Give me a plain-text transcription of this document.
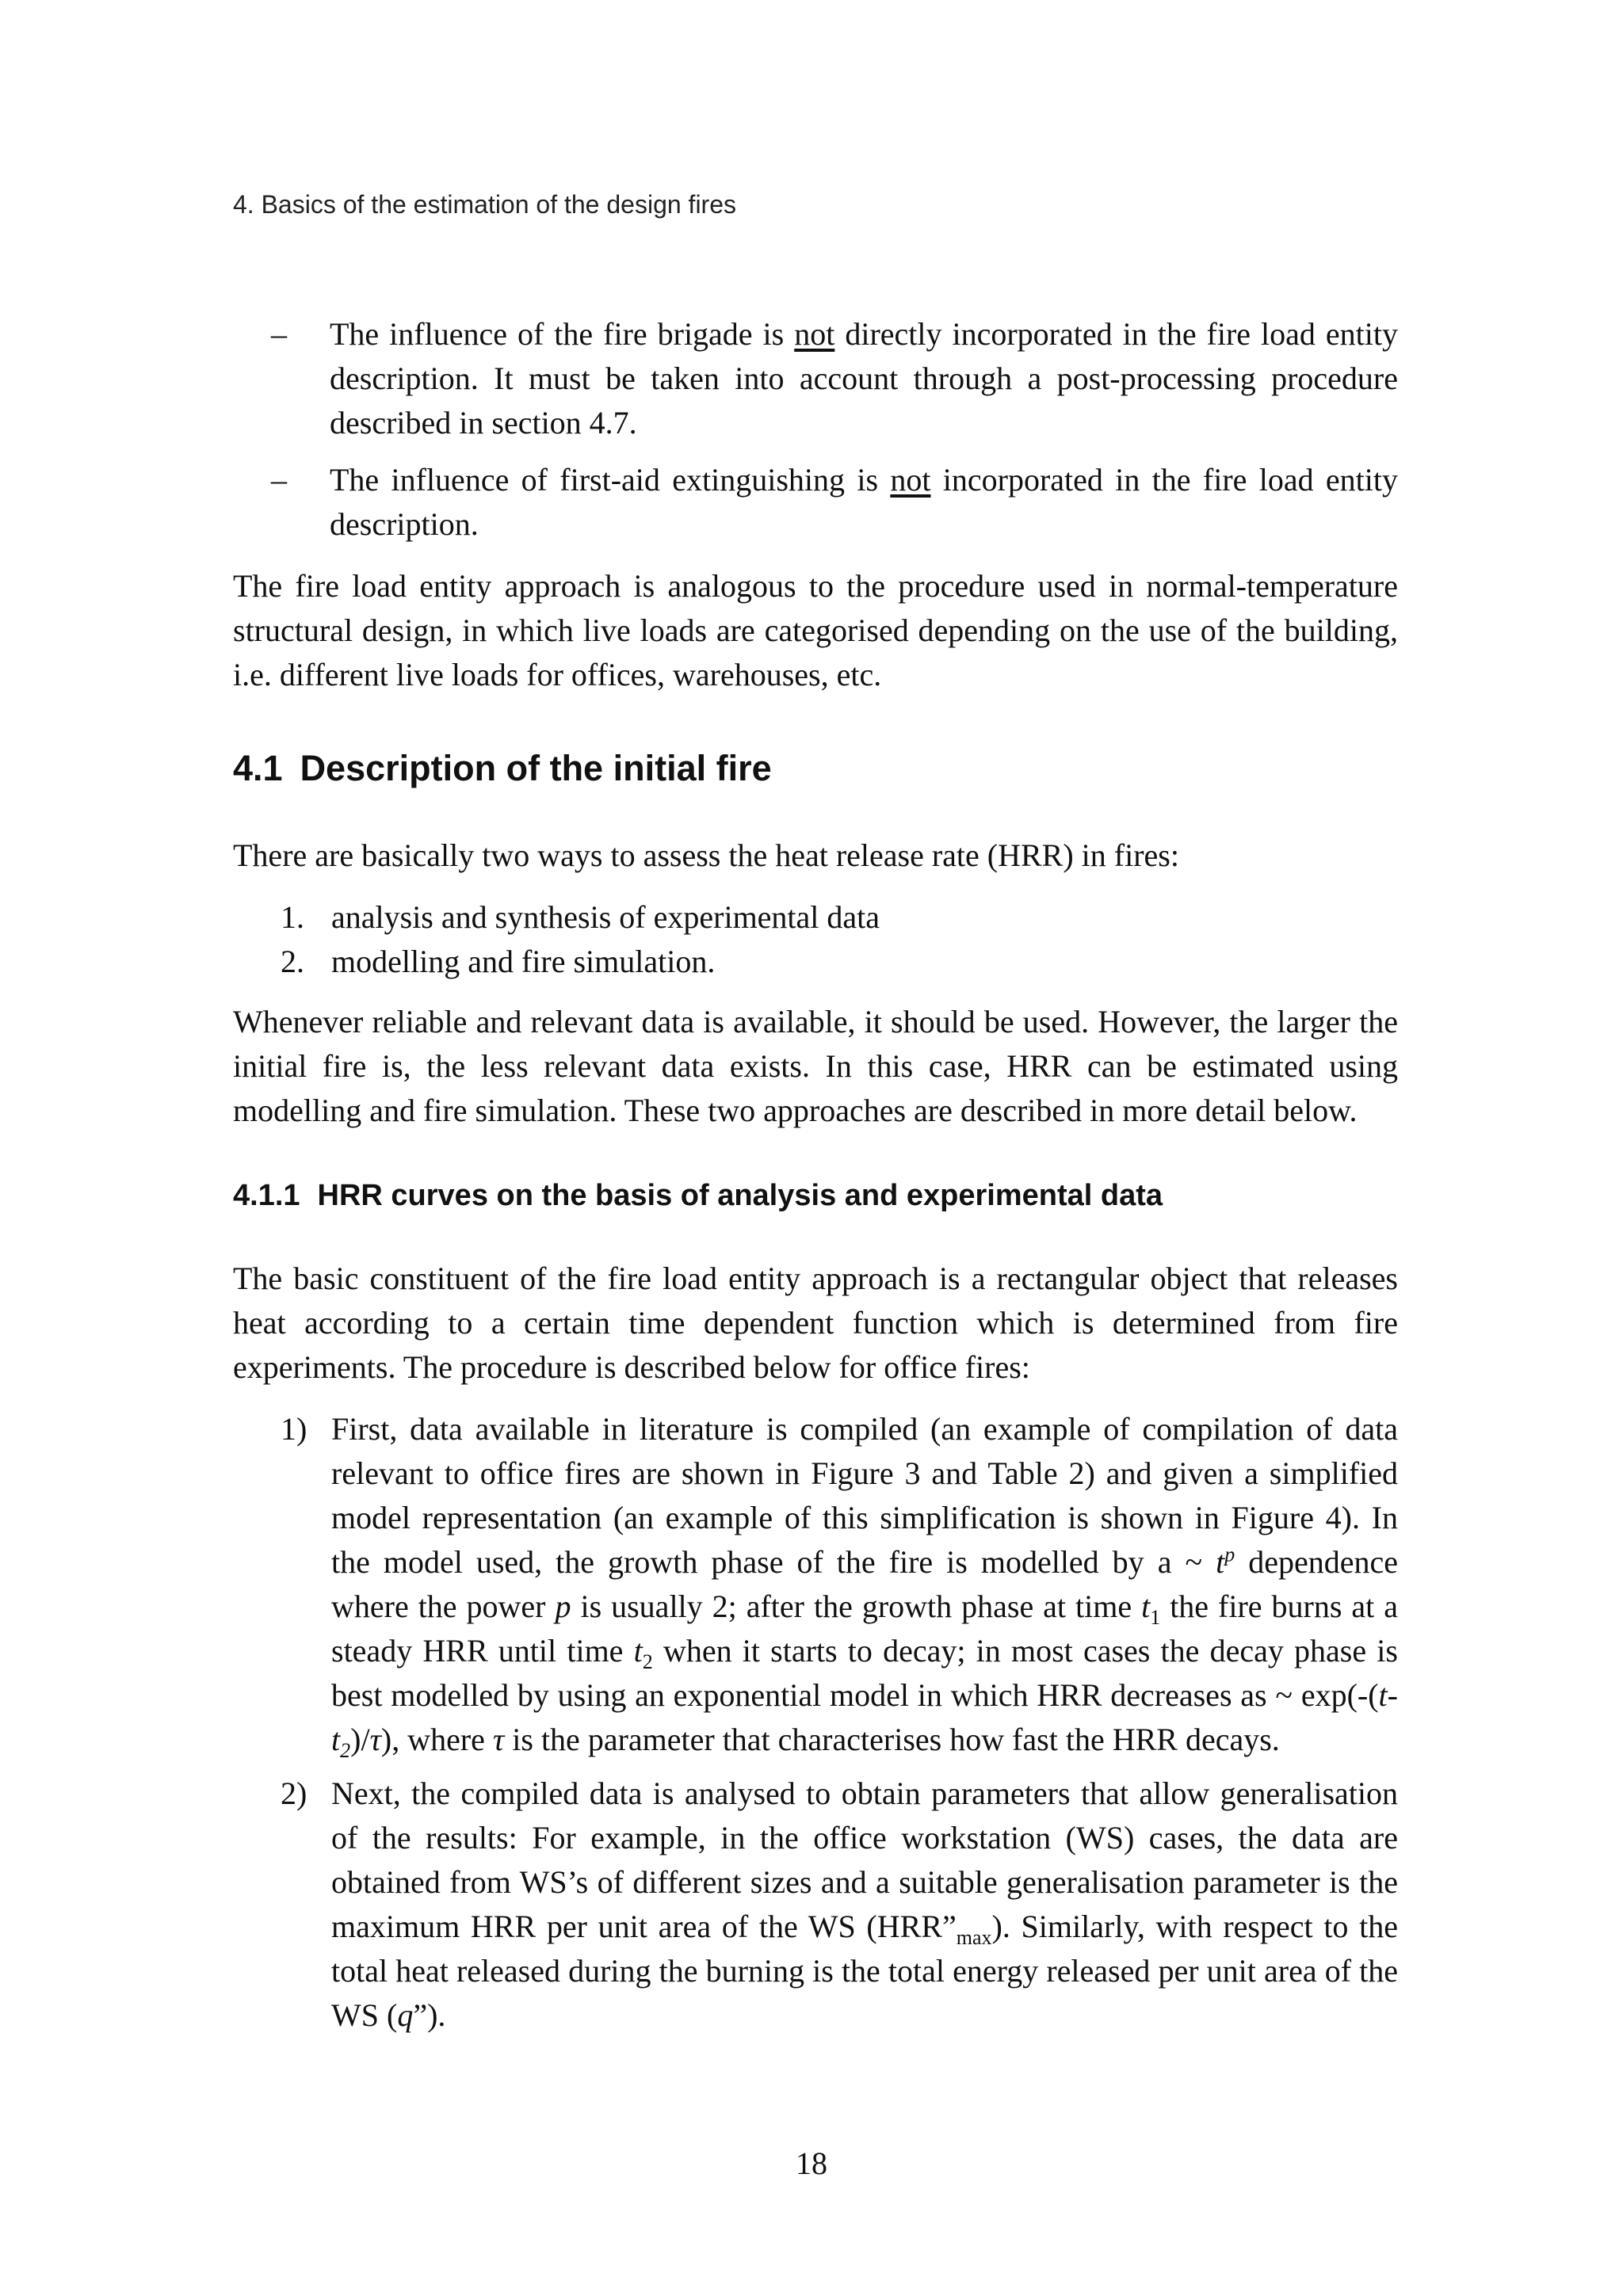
4. Basics of the estimation of the design fires
– The influence of the fire brigade is not directly incorporated in the fire load entity description. It must be taken into account through a post-processing procedure described in section 4.7.
– The influence of first-aid extinguishing is not incorporated in the fire load entity description.
The fire load entity approach is analogous to the procedure used in normal-temperature structural design, in which live loads are categorised depending on the use of the building, i.e. different live loads for offices, warehouses, etc.
4.1 Description of the initial fire
There are basically two ways to assess the heat release rate (HRR) in fires:
1. analysis and synthesis of experimental data
2. modelling and fire simulation.
Whenever reliable and relevant data is available, it should be used. However, the larger the initial fire is, the less relevant data exists. In this case, HRR can be estimated using modelling and fire simulation. These two approaches are described in more detail below.
4.1.1 HRR curves on the basis of analysis and experimental data
The basic constituent of the fire load entity approach is a rectangular object that releases heat according to a certain time dependent function which is determined from fire experiments. The procedure is described below for office fires:
1) First, data available in literature is compiled (an example of compilation of data relevant to office fires are shown in Figure 3 and Table 2) and given a simplified model representation (an example of this simplification is shown in Figure 4). In the model used, the growth phase of the fire is modelled by a ~ $t^p$ dependence where the power p is usually 2; after the growth phase at time $t_1$ the fire burns at a steady HRR until time $t_2$ when it starts to decay; in most cases the decay phase is best modelled by using an exponential model in which HRR decreases as ~ $\exp(-(t-t_2)/\tau)$, where τ is the parameter that characterises how fast the HRR decays.
2) Next, the compiled data is analysed to obtain parameters that allow generalisation of the results: For example, in the office workstation (WS) cases, the data are obtained from WS’s of different sizes and a suitable generalisation parameter is the maximum HRR per unit area of the WS $(HRR”_{max})$. Similarly, with respect to the total heat released during the burning is the total energy released per unit area of the WS (q”).
18
